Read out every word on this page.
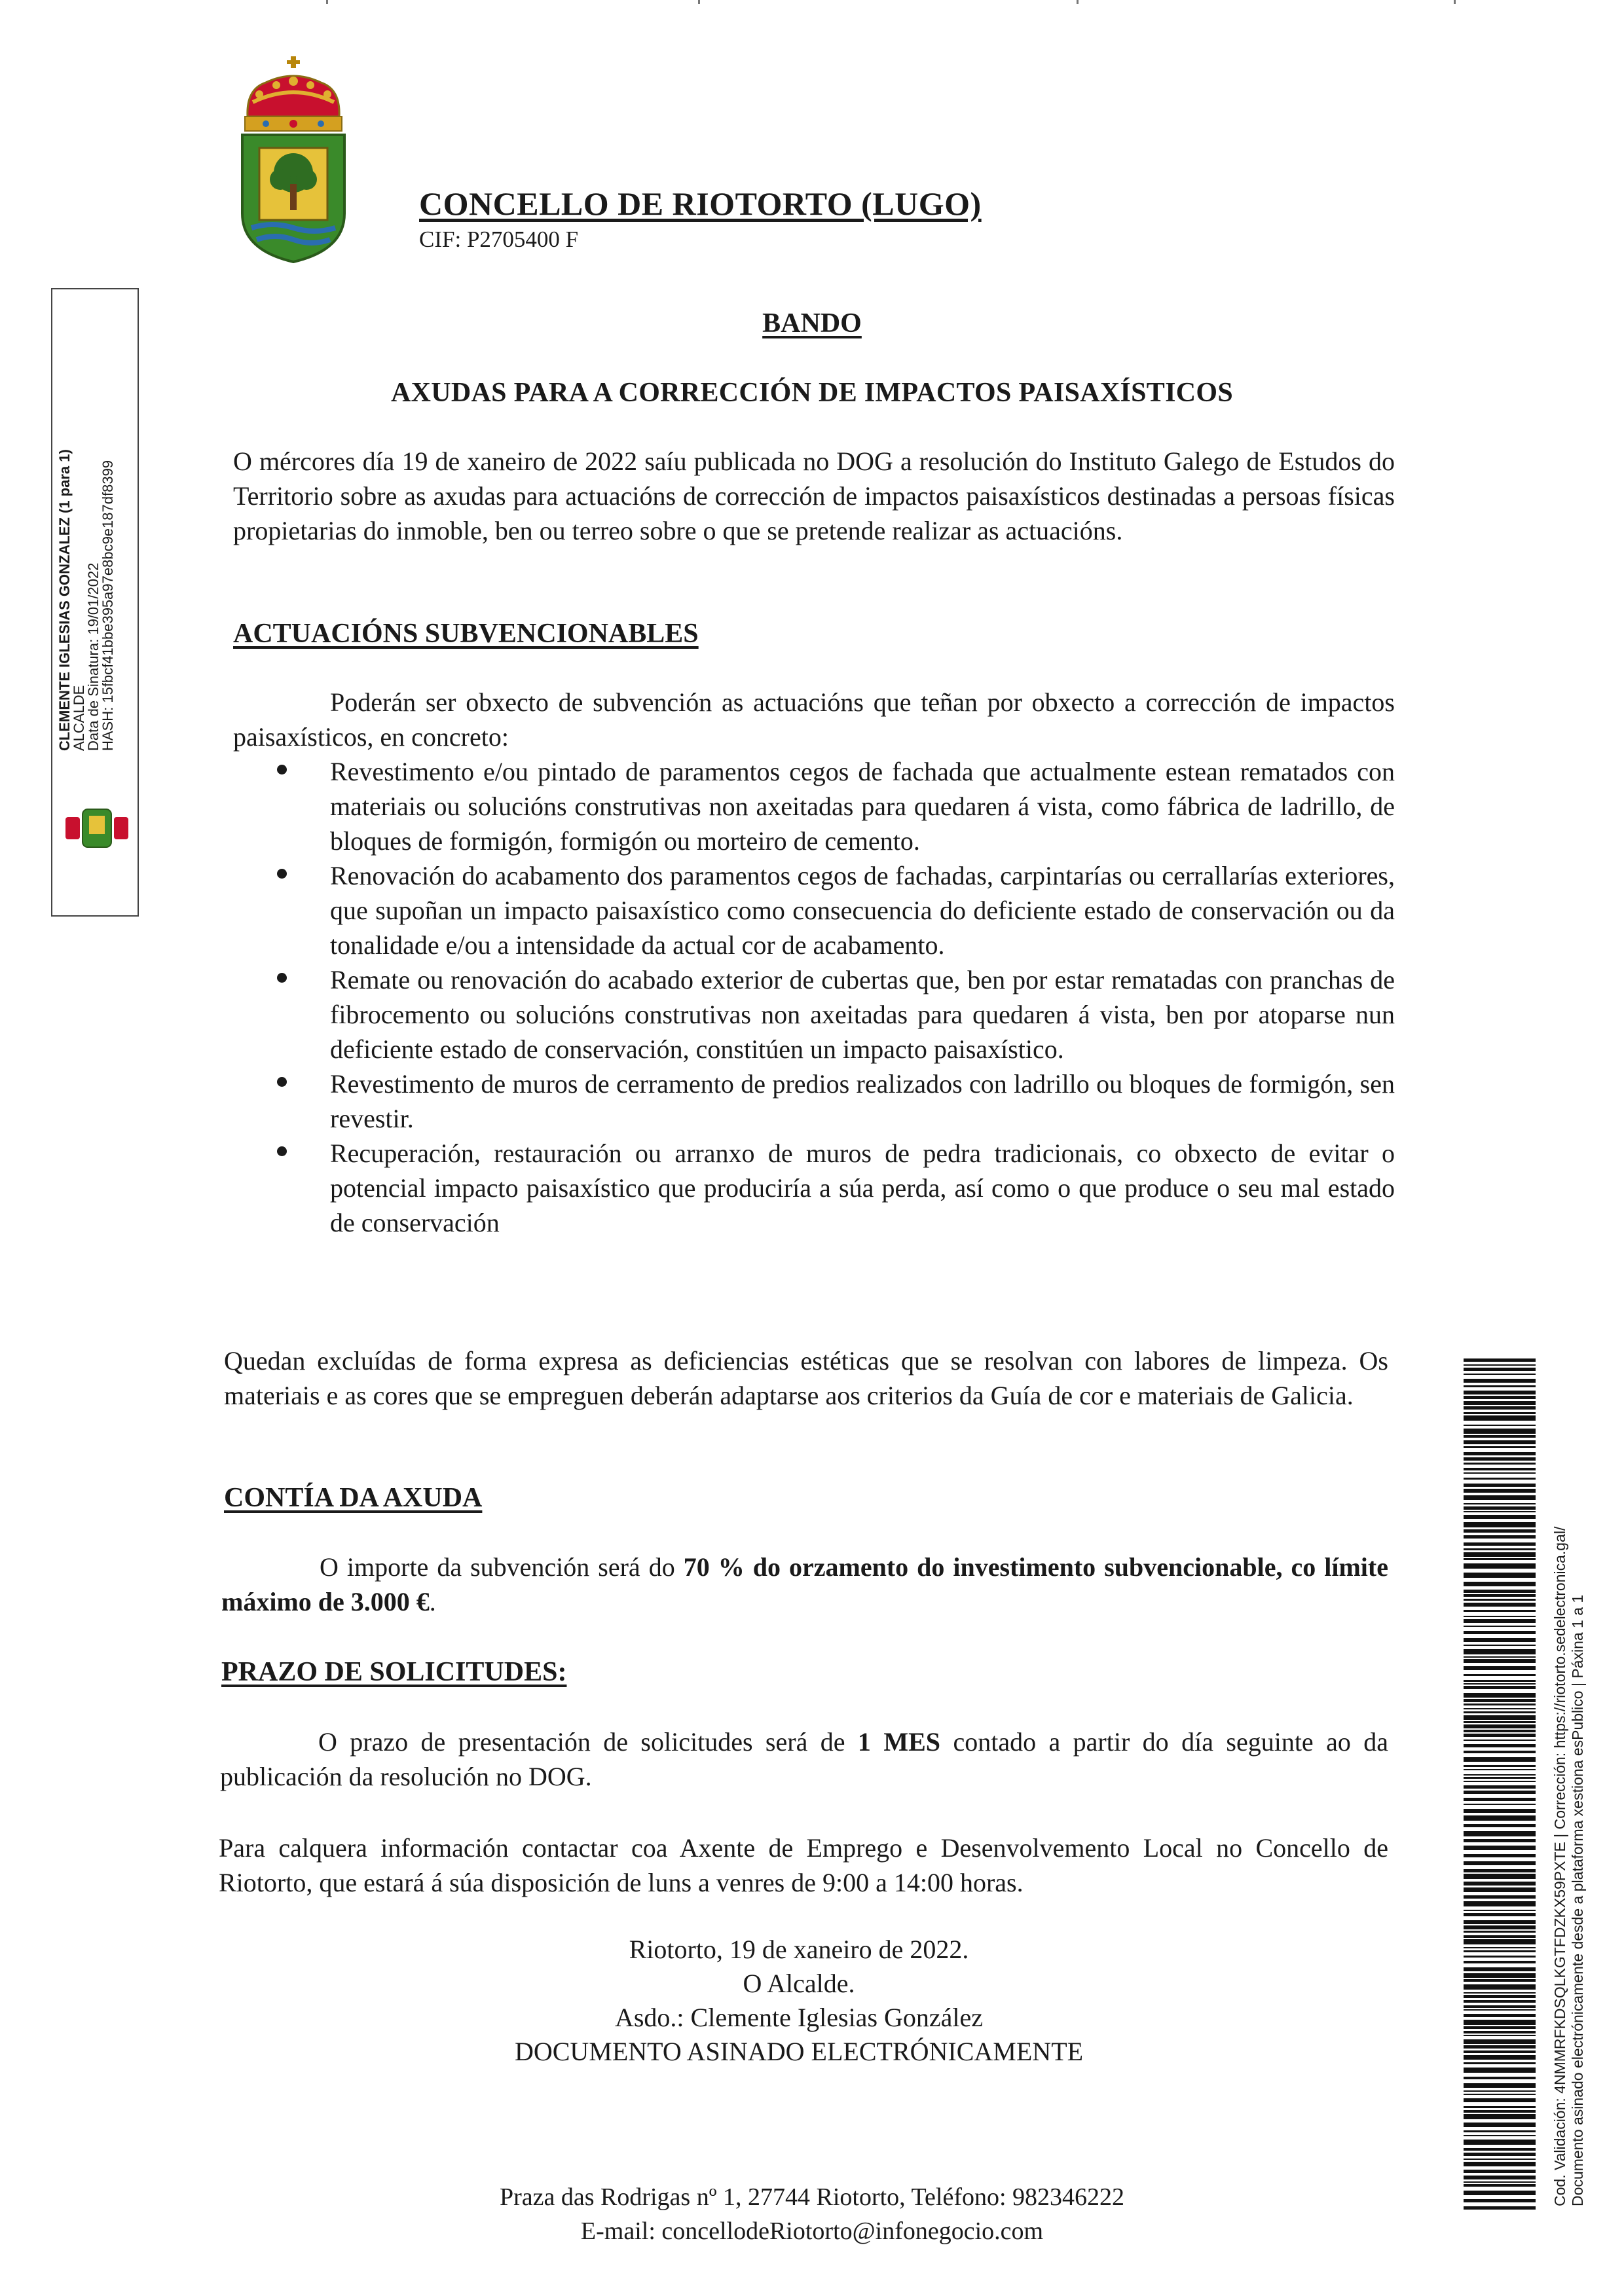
CONCELLO DE RIOTORTO (LUGO)
CIF: P2705400 F
BANDO
AXUDAS PARA A CORRECCIÓN DE IMPACTOS PAISAXÍSTICOS
O mércores día 19 de xaneiro de 2022 saíu publicada no DOG a resolución do Instituto Galego de Estudos do Territorio sobre as axudas para actuacións de corrección de impactos paisaxísticos destinadas a persoas físicas propietarias do inmoble, ben ou terreo sobre o que se pretende realizar as actuacións.
ACTUACIÓNS SUBVENCIONABLES
Poderán ser obxecto de subvención as actuacións que teñan por obxecto a corrección de impactos paisaxísticos, en concreto:
Revestimento e/ou pintado de paramentos cegos de fachada que actualmente estean rematados con materiais ou solucións construtivas non axeitadas para quedaren á vista, como fábrica de ladrillo, de bloques de formigón, formigón ou morteiro de cemento.
Renovación do acabamento dos paramentos cegos de fachadas, carpintarías ou cerrallarías exteriores, que supoñan un impacto paisaxístico como consecuencia do deficiente estado de conservación ou da tonalidade e/ou a intensidade da actual cor de acabamento.
Remate ou renovación do acabado exterior de cubertas que, ben por estar rematadas con pranchas de fibrocemento ou solucións construtivas non axeitadas para quedaren á vista, ben por atoparse nun deficiente estado de conservación, constitúen un impacto paisaxístico.
Revestimento de muros de cerramento de predios realizados con ladrillo ou bloques de formigón, sen revestir.
Recuperación, restauración ou arranxo de muros de pedra tradicionais, co obxecto de evitar o potencial impacto paisaxístico que produciría a súa perda, así como o que produce o seu mal estado de conservación
Quedan excluídas de forma expresa as deficiencias estéticas que se resolvan con labores de limpeza. Os materiais e as cores que se empreguen deberán adaptarse aos criterios da Guía de cor e materiais de Galicia.
CONTÍA DA AXUDA
O importe da subvención será do 70 % do orzamento do investimento subvencionable, co límite máximo de 3.000 €.
PRAZO DE SOLICITUDES:
O prazo de presentación de solicitudes será de 1 MES contado a partir do día seguinte ao da publicación da resolución no DOG.
Para calquera información contactar coa Axente de Emprego e Desenvolvemento Local no Concello de Riotorto, que estará á súa disposición de luns a venres de 9:00 a 14:00 horas.
Riotorto, 19 de xaneiro de 2022.
O Alcalde.
Asdo.: Clemente Iglesias González
DOCUMENTO ASINADO ELECTRÓNICAMENTE
Praza das Rodrigas nº 1, 27744 Riotorto, Teléfono: 982346222
E-mail: concellodeRiotorto@infonegocio.com
CLEMENTE IGLESIAS GONZALEZ (1 para 1)
ALCALDE
Data de Sinatura: 19/01/2022
HASH: 15fbcf41bbe395a97e8bc9e187df8399
Cod. Validación: 4NMMRFKDSQLKGTFDZKX59PXTE | Corrección: https://riotorto.sedelectronica.gal/ Documento asinado electrónicamente desde a plataforma xestiona esPublico | Páxina 1 a 1
